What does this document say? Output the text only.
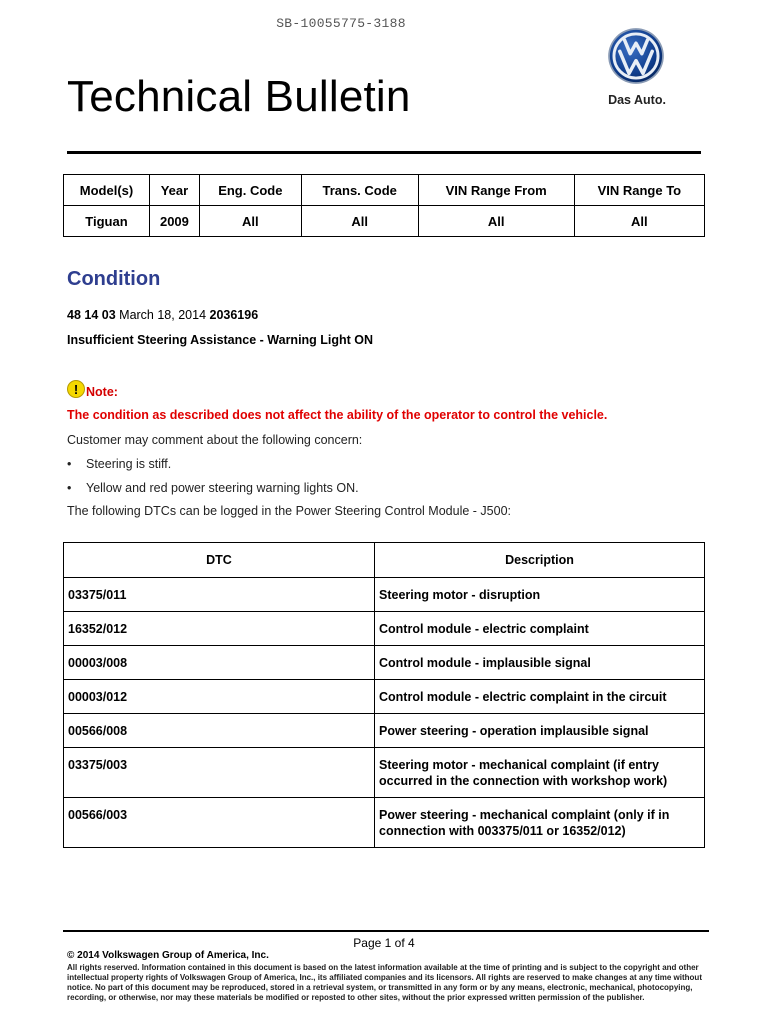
SB-10055775-3188
Technical Bulletin	Das Auto.
Model(s)	Year	Eng. Code	Trans. Code	VIN Range From	VIN Range To
Tiguan	2009	All	All	All	All
Condition
48 14 03 March 18, 2014 2036196
Insufficient Steering Assistance - Warning Light ON
! Note:
The condition as described does not affect the ability of the operator to control the vehicle.
Customer may comment about the following concern:
•	Steering is stiff.
•	Yellow and red power steering warning lights ON.
The following DTCs can be logged in the Power Steering Control Module - J500:
DTC	Description
03375/011	Steering motor - disruption
16352/012	Control module - electric complaint
00003/008	Control module - implausible signal
00003/012	Control module - electric complaint in the circuit
00566/008	Power steering - operation implausible signal
03375/003	Steering motor - mechanical complaint (if entry occurred in the connection with workshop work)
00566/003	Power steering - mechanical complaint (only if in connection with 003375/011 or 16352/012)
Page 1 of 4
© 2014 Volkswagen Group of America, Inc.
All rights reserved. Information contained in this document is based on the latest information available at the time of printing and is subject to the copyright and other intellectual property rights of Volkswagen Group of America, Inc., its affiliated companies and its licensors. All rights are reserved to make changes at any time without notice. No part of this document may be reproduced, stored in a retrieval system, or transmitted in any form or by any means, electronic, mechanical, photocopying, recording, or otherwise, nor may these materials be modified or reposted to other sites, without the prior expressed written permission of the publisher.
